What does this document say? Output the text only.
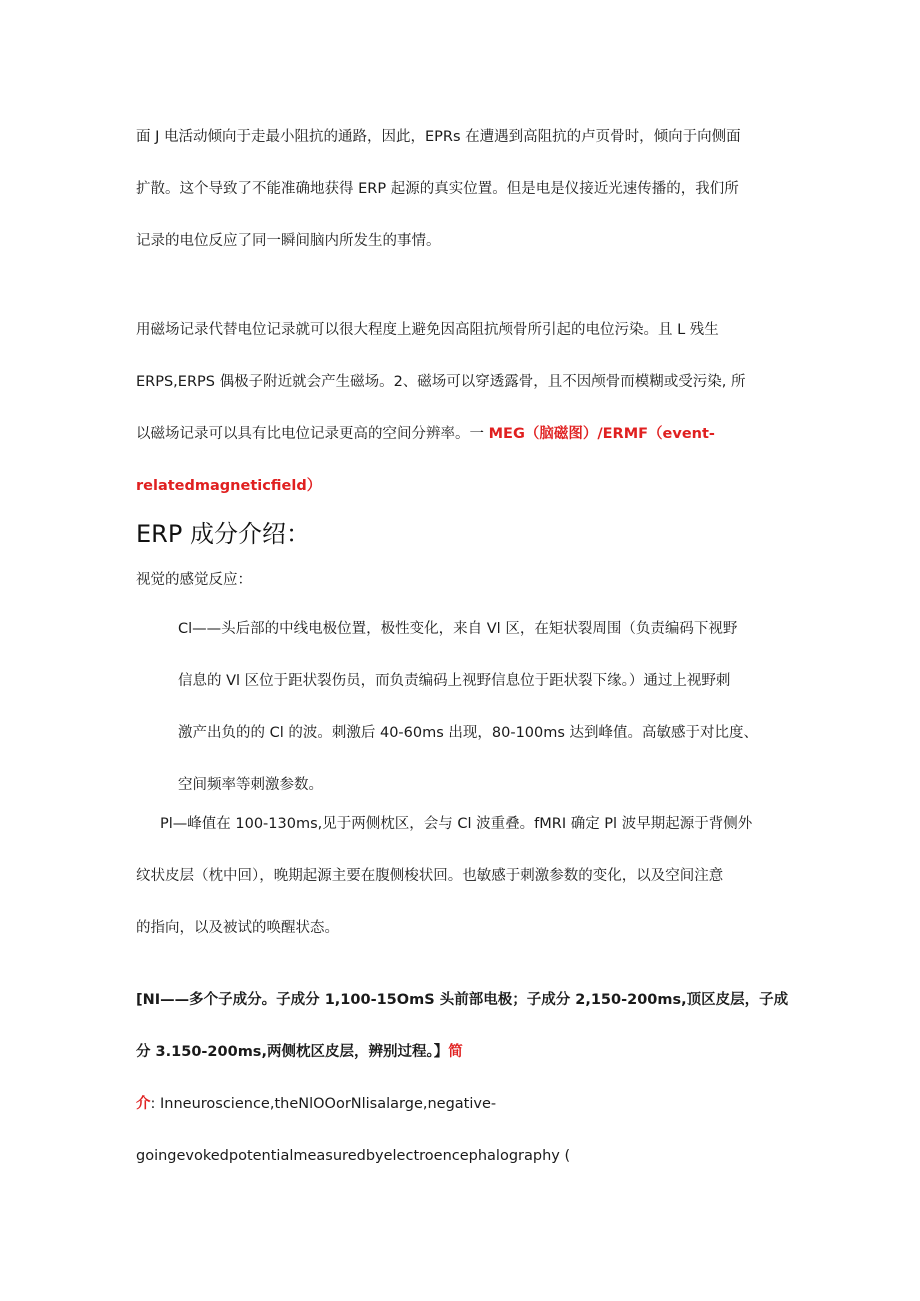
面 J 电活动倾向于走最小阻抗的通路，因此，EPRs 在遭遇到高阻抗的卢页骨时，倾向于向侧面
扩散。这个导致了不能准确地获得 ERP 起源的真实位置。但是电是仪接近光速传播的，我们所
记录的电位反应了同一瞬间脑内所发生的事情。
用磁场记录代替电位记录就可以很大程度上避免因高阻抗颅骨所引起的电位污染。且 L 残生
ERPS,ERPS 偶极子附近就会产生磁场。2、磁场可以穿透露骨，且不因颅骨而模糊或受污染, 所
以磁场记录可以具有比电位记录更高的空间分辨率。一 MEG（脑磁图）/ERMF（event-
relatedmagneticfield）
ERP 成分介绍：
视觉的感觉反应：
Cl——头后部的中线电极位置，极性变化，来自 Vl 区，在矩状裂周围（负责编码下视野
信息的 Vl 区位于距状裂伤员，而负责编码上视野信息位于距状裂下缘。）通过上视野刺
激产出负的的 Cl 的波。刺激后 40-60ms 出现，80-100ms 达到峰值。高敏感于对比度、
空间频率等刺激参数。
Pl—峰值在 100-130ms,见于两侧枕区，会与 Cl 波重叠。fMRI 确定 Pl 波早期起源于背侧外
纹状皮层（枕中回），晚期起源主要在腹侧梭状回。也敏感于刺激参数的变化，以及空间注意
的指向，以及被试的唤醒状态。
[NI——多个子成分。子成分 1,100-15OmS 头前部电极；子成分 2,150-200ms,顶区皮层，子成
分 3.150-200ms,两侧枕区皮层，辨别过程。】简
介: Inneuroscience,theNlOOorNlisalarge,negative-
goingevokedpotentialmeasuredbyelectroencephalography (
